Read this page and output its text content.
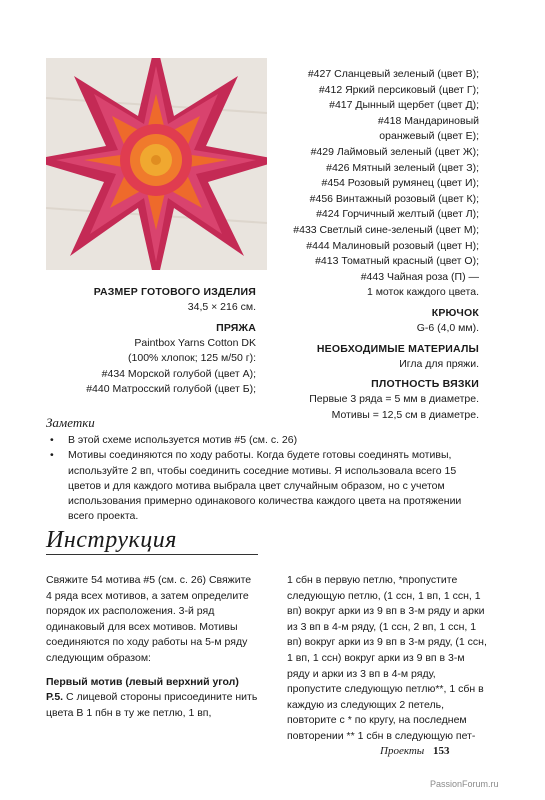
#427 Сланцевый зеленый (цвет В);
#412 Яркий персиковый (цвет Г);
#417 Дынный щербет (цвет Д);
#418 Мандариновый
оранжевый (цвет Е);
#429 Лаймовый зеленый (цвет Ж);
#426 Мятный зеленый (цвет З);
#454 Розовый румянец (цвет И);
#456 Винтажный розовый (цвет К);
#424 Горчичный желтый (цвет Л);
#433 Светлый сине-зеленый (цвет М);
#444 Малиновый розовый (цвет Н);
#413 Томатный красный (цвет О);
#443 Чайная роза (П) —
1 моток каждого цвета.
КРЮЧОК
G-6 (4,0 мм).
НЕОБХОДИМЫЕ МАТЕРИАЛЫ
Игла для пряжи.
ПЛОТНОСТЬ ВЯЗКИ
Первые 3 ряда = 5 мм в диаметре.
Мотивы = 12,5 см в диаметре.
РАЗМЕР ГОТОВОГО ИЗДЕЛИЯ
34,5 × 216 см.
ПРЯЖА
Paintbox Yarns Cotton DK
(100% хлопок; 125 м/50 г):
#434 Морской голубой (цвет А);
#440 Матросский голубой (цвет Б);
Заметки
• В этой схеме используется мотив #5 (см. с. 26)
• Мотивы соединяются по ходу работы. Когда будете готовы соединять мотивы, используйте 2 вп, чтобы соединить соседние мотивы. Я использовала всего 15 цветов и для каждого мотива выбрала цвет случайным образом, но с учетом использования примерно одинакового количества каждого цвета на протяжении всего проекта.
Инструкция

Свяжите 54 мотива #5 (см. с. 26) Свяжите 4 ряда всех мотивов, а затем определите порядок их расположения. 3-й ряд одинаковый для всех мотивов. Мотивы соединяются по ходу работы на 5-м ряду следующим образом:

Первый мотив (левый верхний угол)

Р.5. С лицевой стороны присоедините нить цвета В 1 пбн в ту же петлю, 1 вп,

1 сбн в первую петлю, *пропустите следующую петлю, (1 ссн, 1 вп, 1 ссн, 1 вп) вокруг арки из 9 вп в 3-м ряду и арки из 3 вп в 4-м ряду, (1 ссн, 2 вп, 1 ссн, 1 вп) вокруг арки из 9 вп в 3-м ряду, (1 ссн, 1 вп, 1 ссн) вокруг арки из 9 вп в 3-м ряду и арки из 3 вп в 4-м ряду, пропустите следующую петлю**, 1 сбн в каждую из следующих 2 петель, повторите с * по кругу, на последнем повторении ** 1 сбн в следующую пет-

Проекты 153
PassionForum.ru
